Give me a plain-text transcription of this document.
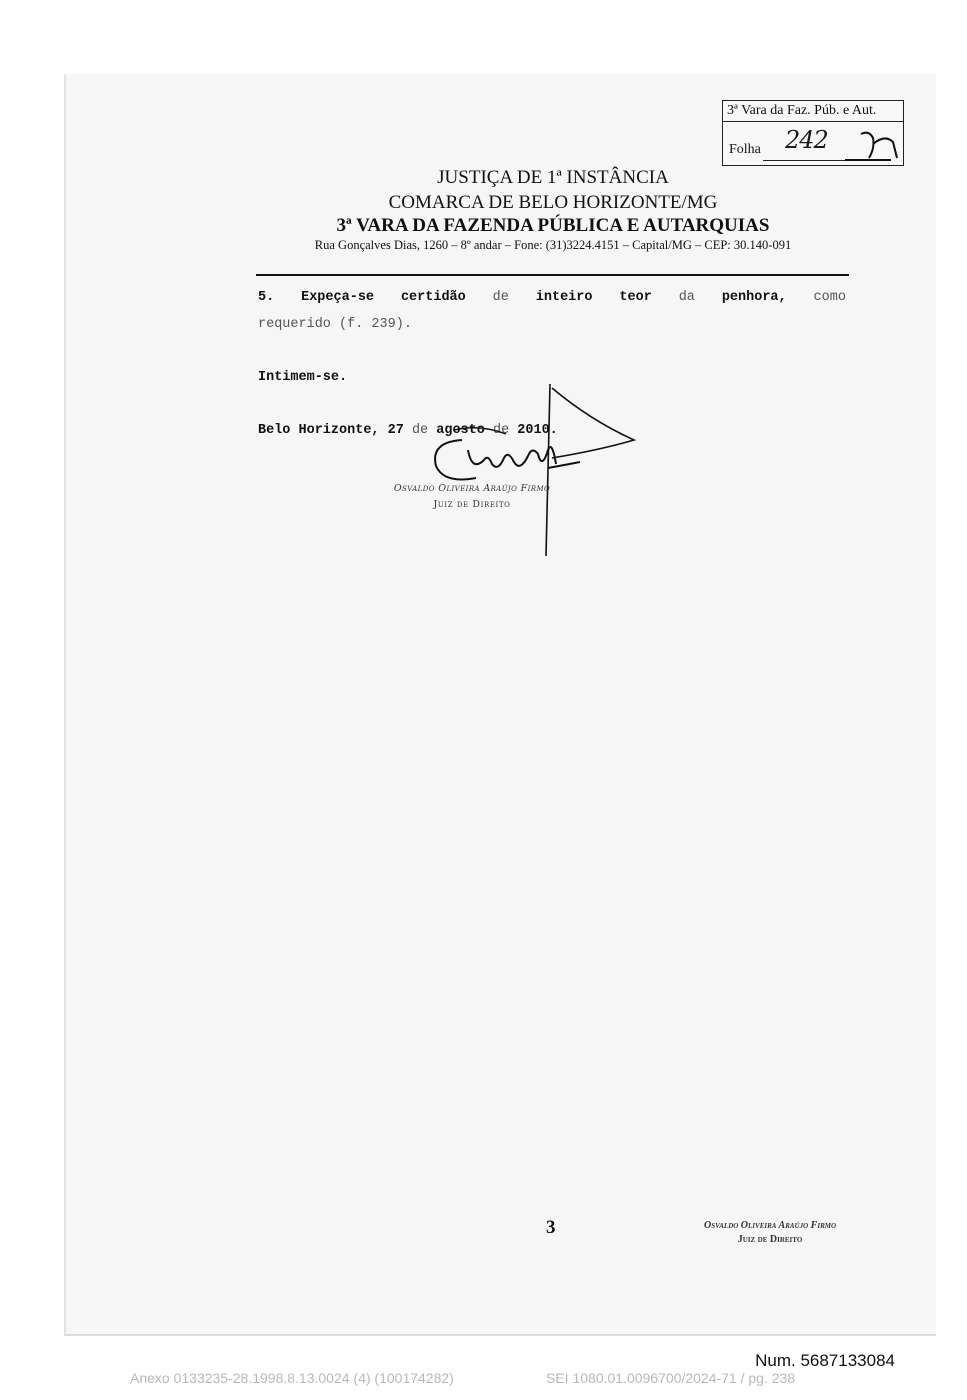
3ª Vara da Faz. Púb. e Aut.
Folha 242
JUSTIÇA DE 1ª INSTÂNCIA
COMARCA DE BELO HORIZONTE/MG
3ª VARA DA FAZENDA PÚBLICA E AUTARQUIAS
Rua Gonçalves Dias, 1260 – 8º andar – Fone: (31)3224.4151 – Capital/MG – CEP: 30.140-091
5. Expeça-se certidão de inteiro teor da penhora, como
requerido (f. 239).
Intimem-se.
Belo Horizonte, 27 de agosto de 2010.
Osvaldo Oliveira Araújo Firmo
Juiz de Direito
3	Osvaldo Oliveira Araújo Firmo
Juiz de Direito
Num. 5687133084
Anexo 0133235-28.1998.8.13.0024 (4) (100174282)	SEI 1080.01.0096700/2024-71 / pg. 238
